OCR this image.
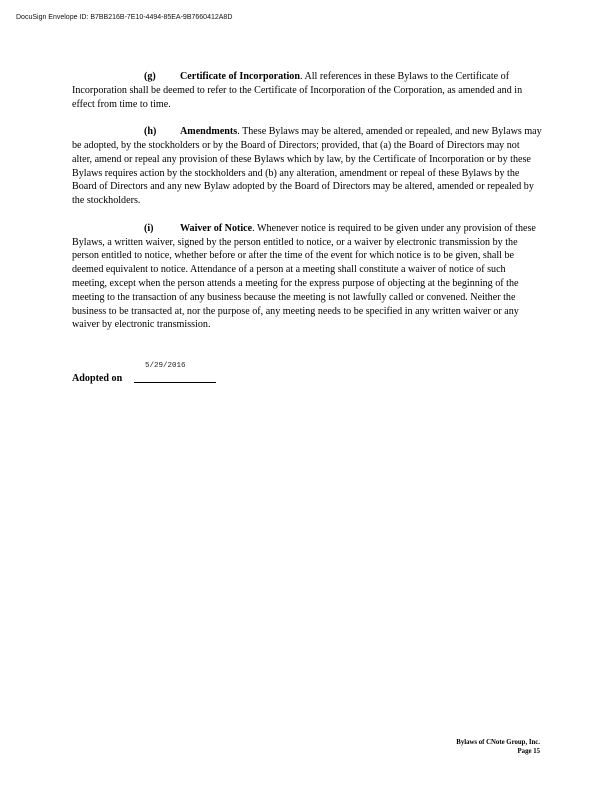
DocuSign Envelope ID: B7BB216B-7E10-4494-85EA-9B7660412A8D

(g) Certificate of Incorporation. All references in these Bylaws to the Certificate of Incorporation shall be deemed to refer to the Certificate of Incorporation of the Corporation, as amended and in effect from time to time.

(h) Amendments. These Bylaws may be altered, amended or repealed, and new Bylaws may be adopted, by the stockholders or by the Board of Directors; provided, that (a) the Board of Directors may not alter, amend or repeal any provision of these Bylaws which by law, by the Certificate of Incorporation or by these Bylaws requires action by the stockholders and (b) any alteration, amendment or repeal of these Bylaws by the Board of Directors and any new Bylaw adopted by the Board of Directors may be altered, amended or repealed by the stockholders.

(i)	Waiver of Notice. Whenever notice is required to be given under any provision of these Bylaws, a written waiver, signed by the person entitled to notice, or a waiver by electronic transmission by the person entitled to notice, whether before or after the time of the event for which notice is to be given, shall be deemed equivalent to notice. Attendance of a person at a meeting shall constitute a waiver of notice of such meeting, except when the person attends a meeting for the express purpose of objecting at the beginning of the meeting to the transaction of any business because the meeting is not lawfully called or convened. Neither the business to be transacted at, nor the purpose of, any meeting needs to be specified in any written waiver or any waiver by electronic transmission.

5/29/2016
Adopted on
Bylaws of CNote Group, Inc.
Page 15
